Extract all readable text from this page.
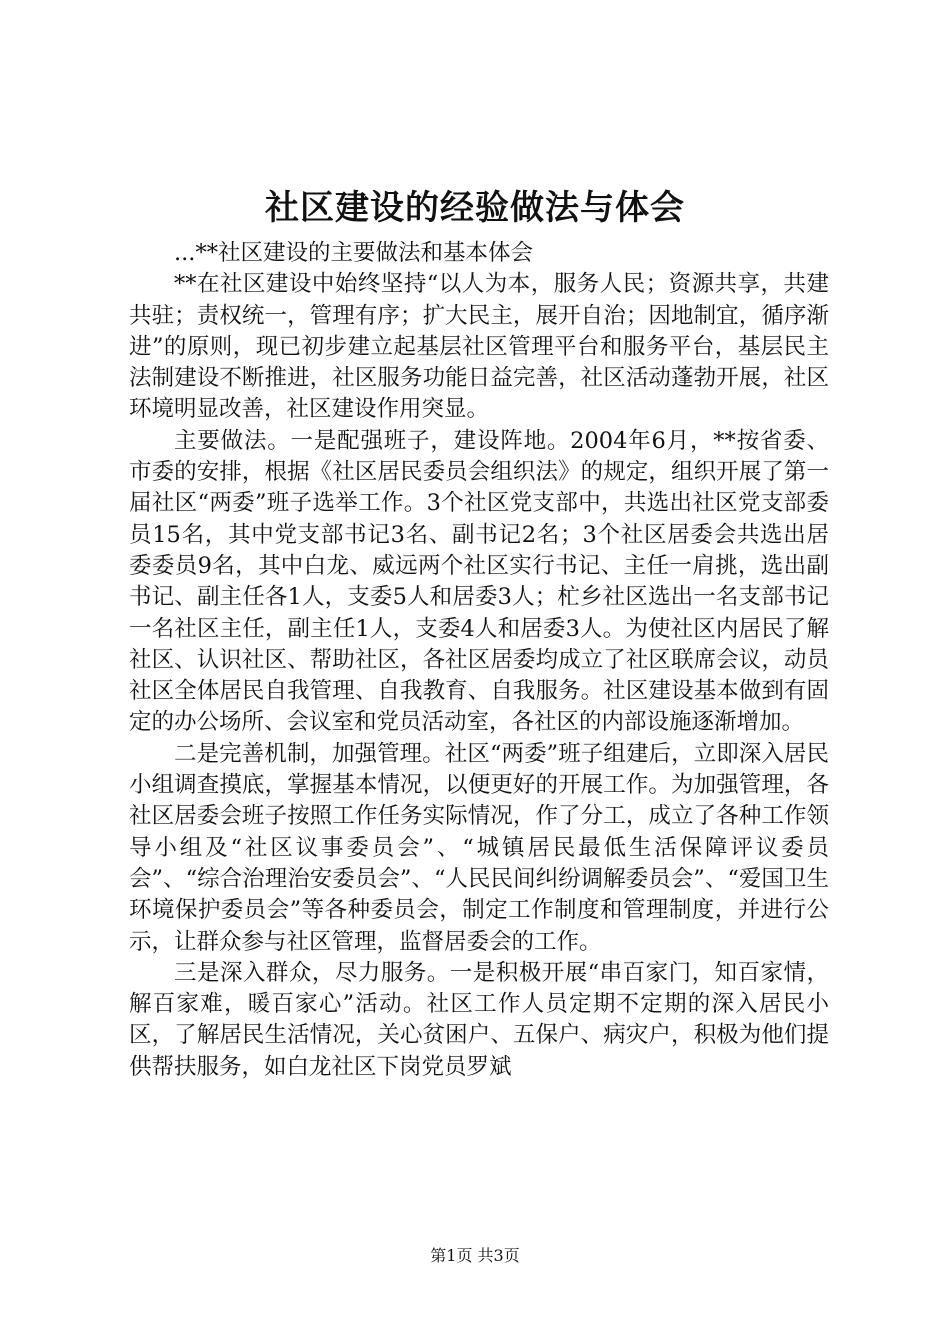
社区建设的经验做法与体会

...**社区建设的主要做法和基本体会

**在社区建设中始终坚持“以人为本，服务人民；资源共享，共建共驻；责权统一，管理有序；扩大民主，展开自治；因地制宜，循序渐进”的原则，现已初步建立起基层社区管理平台和服务平台，基层民主法制建设不断推进，社区服务功能日益完善，社区活动蓬勃开展，社区环境明显改善，社区建设作用突显。

主要做法。一是配强班子，建设阵地。2004年6月，**按省委、市委的安排，根据《社区居民委员会组织法》的规定，组织开展了第一届社区“两委”班子选举工作。3个社区党支部中，共选出社区党支部委员15名，其中党支部书记3名、副书记2名；3个社区居委会共选出居委委员9名，其中白龙、威远两个社区实行书记、主任一肩挑，选出副书记、副主任各1人，支委5人和居委3人；杧乡社区选出一名支部书记一名社区主任，副主任1人，支委4人和居委3人。为使社区内居民了解社区、认识社区、帮助社区，各社区居委均成立了社区联席会议，动员社区全体居民自我管理、自我教育、自我服务。社区建设基本做到有固定的办公场所、会议室和党员活动室，各社区的内部设施逐渐增加。

二是完善机制，加强管理。社区“两委”班子组建后，立即深入居民小组调查摸底，掌握基本情况，以便更好的开展工作。为加强管理，各社区居委会班子按照工作任务实际情况，作了分工，成立了各种工作领导小组及“社区议事委员会”、“城镇居民最低生活保障评议委员会”、“综合治理治安委员会”、“人民民间纠纷调解委员会”、“爱国卫生环境保护委员会”等各种委员会，制定工作制度和管理制度，并进行公示，让群众参与社区管理，监督居委会的工作。

三是深入群众，尽力服务。一是积极开展“串百家门，知百家情，解百家难，暖百家心”活动。社区工作人员定期不定期的深入居民小区，了解居民生活情况，关心贫困户、五保户、病灾户，积极为他们提供帮扶服务，如白龙社区下岗党员罗斌

第1页 共3页
